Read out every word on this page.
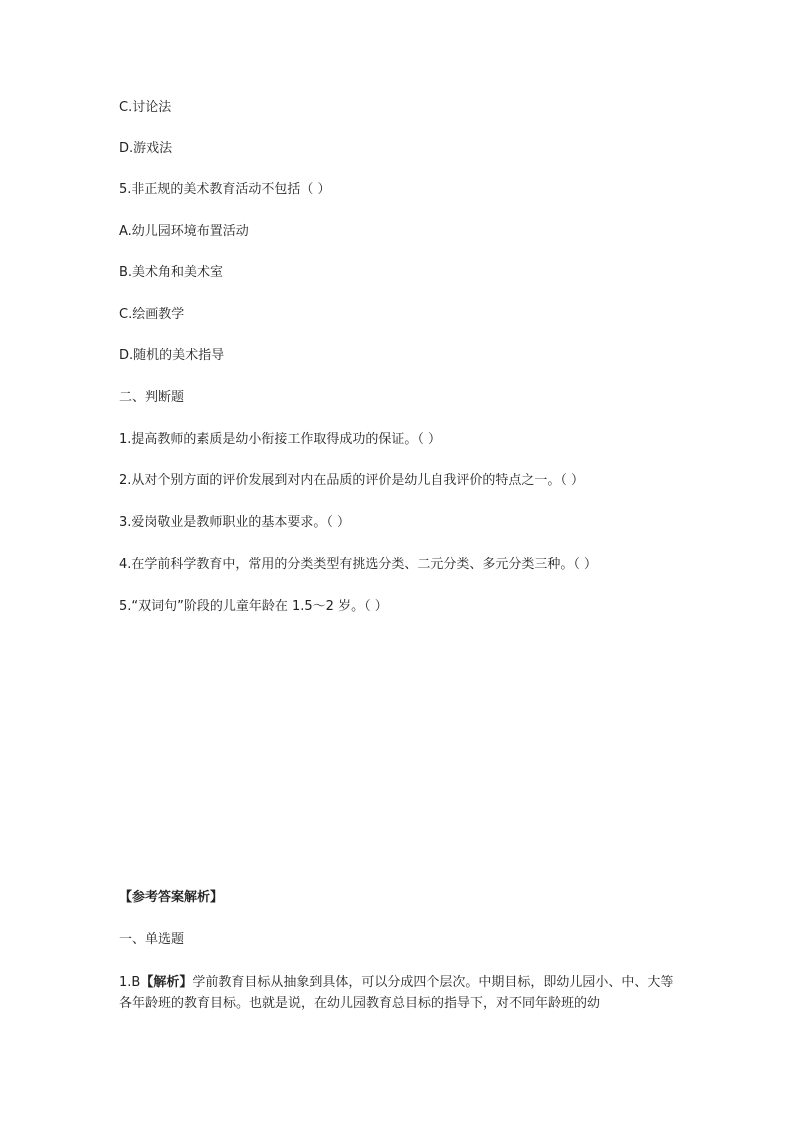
C.讨论法
D.游戏法
5.非正规的美术教育活动不包括（ ）
A.幼儿园环境布置活动
B.美术角和美术室
C.绘画教学
D.随机的美术指导
二、判断题
1.提高教师的素质是幼小衔接工作取得成功的保证。（ ）
2.从对个别方面的评价发展到对内在品质的评价是幼儿自我评价的特点之一。（ ）
3.爱岗敬业是教师职业的基本要求。（ ）
4.在学前科学教育中，常用的分类类型有挑选分类、二元分类、多元分类三种。（ ）
5.“双词句”阶段的儿童年龄在 1.5～2 岁。（ ）
【参考答案解析】
一、单选题
1.B【解析】学前教育目标从抽象到具体，可以分成四个层次。中期目标，即幼儿园小、中、大等各年龄班的教育目标。也就是说，在幼儿园教育总目标的指导下，对不同年龄班的幼
